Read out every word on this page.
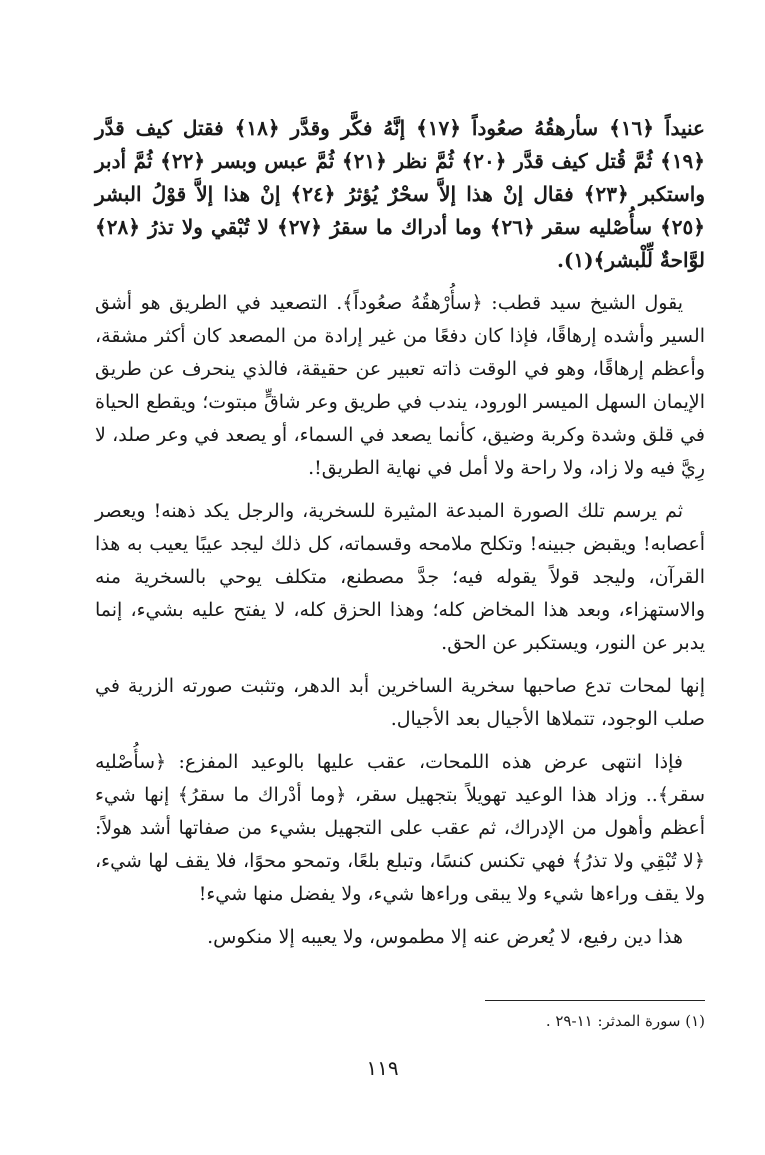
عنيداً ﴿١٦﴾ سأرهقُهُ صعُوداً ﴿١٧﴾ إنَّهُ فكَّر وقدَّر ﴿١٨﴾ فقتل كيف قدَّر ﴿١٩﴾ ثُمَّ قُتل كيف قدَّر ﴿٢٠﴾ ثُمَّ نظر ﴿٢١﴾ ثُمَّ عبس وبسر ﴿٢٢﴾ ثُمَّ أدبر واستكبر ﴿٢٣﴾ فقال إنْ هذا إلاَّ سحْرٌ يُؤثرُ ﴿٢٤﴾ إنْ هذا إلاَّ قوْلُ البشر ﴿٢٥﴾ سأُصْليه سقر ﴿٢٦﴾ وما أدراك ما سقرُ ﴿٢٧﴾ لا تُبْقي ولا تذرُ ﴿٢٨﴾ لوَّاحةٌ لِّلْبشر﴾(١).

يقول الشيخ سيد قطب: ﴿سأُرْهقُهُ صعُوداً﴾. التصعيد في الطريق هو أشق السير وأشده إرهاقًا، فإذا كان دفعًا من غير إرادة من المصعد كان أكثر مشقة، وأعظم إرهاقًا، وهو في الوقت ذاته تعبير عن حقيقة، فالذي ينحرف عن طريق الإيمان السهل الميسر الورود، يندب في طريق وعر شاقٍّ مبتوت؛ ويقطع الحياة في قلق وشدة وكربة وضيق، كأنما يصعد في السماء، أو يصعد في وعر صلد، لا رِيَّ فيه ولا زاد، ولا راحة ولا أمل في نهاية الطريق!.

ثم يرسم تلك الصورة المبدعة المثيرة للسخرية، والرجل يكد ذهنه! ويعصر أعصابه! ويقبض جبينه! وتكلح ملامحه وقسماته، كل ذلك ليجد عيبًا يعيب به هذا القرآن، وليجد قولاً يقوله فيه؛ جدَّ مصطنع، متكلف يوحي بالسخرية منه والاستهزاء، وبعد هذا المخاض كله؛ وهذا الحزق كله، لا يفتح عليه بشيء، إنما يدبر عن النور، ويستكبر عن الحق.

إنها لمحات تدع صاحبها سخرية الساخرين أبد الدهر، وتثبت صورته الزرية في صلب الوجود، تتملاها الأجيال بعد الأجيال.

فإذا انتهى عرض هذه اللمحات، عقب عليها بالوعيد المفزع: ﴿سأُصْليه سقر﴾.. وزاد هذا الوعيد تهويلاً بتجهيل سقر، ﴿وما أدْراك ما سقرُ﴾ إنها شيء أعظم وأهول من الإدراك، ثم عقب على التجهيل بشيء من صفاتها أشد هولاً: ﴿لا تُبْقِي ولا تذرُ﴾ فهي تكنس كنسًا، وتبلع بلعًا، وتمحو محوًا، فلا يقف لها شيء، ولا يقف وراءها شيء ولا يبقى وراءها شيء، ولا يفضل منها شيء!

هذا دين رفيع، لا يُعرض عنه إلا مطموس، ولا يعيبه إلا منكوس.

(١) سورة المدثر: ١١-٢٩ .
١١٩
